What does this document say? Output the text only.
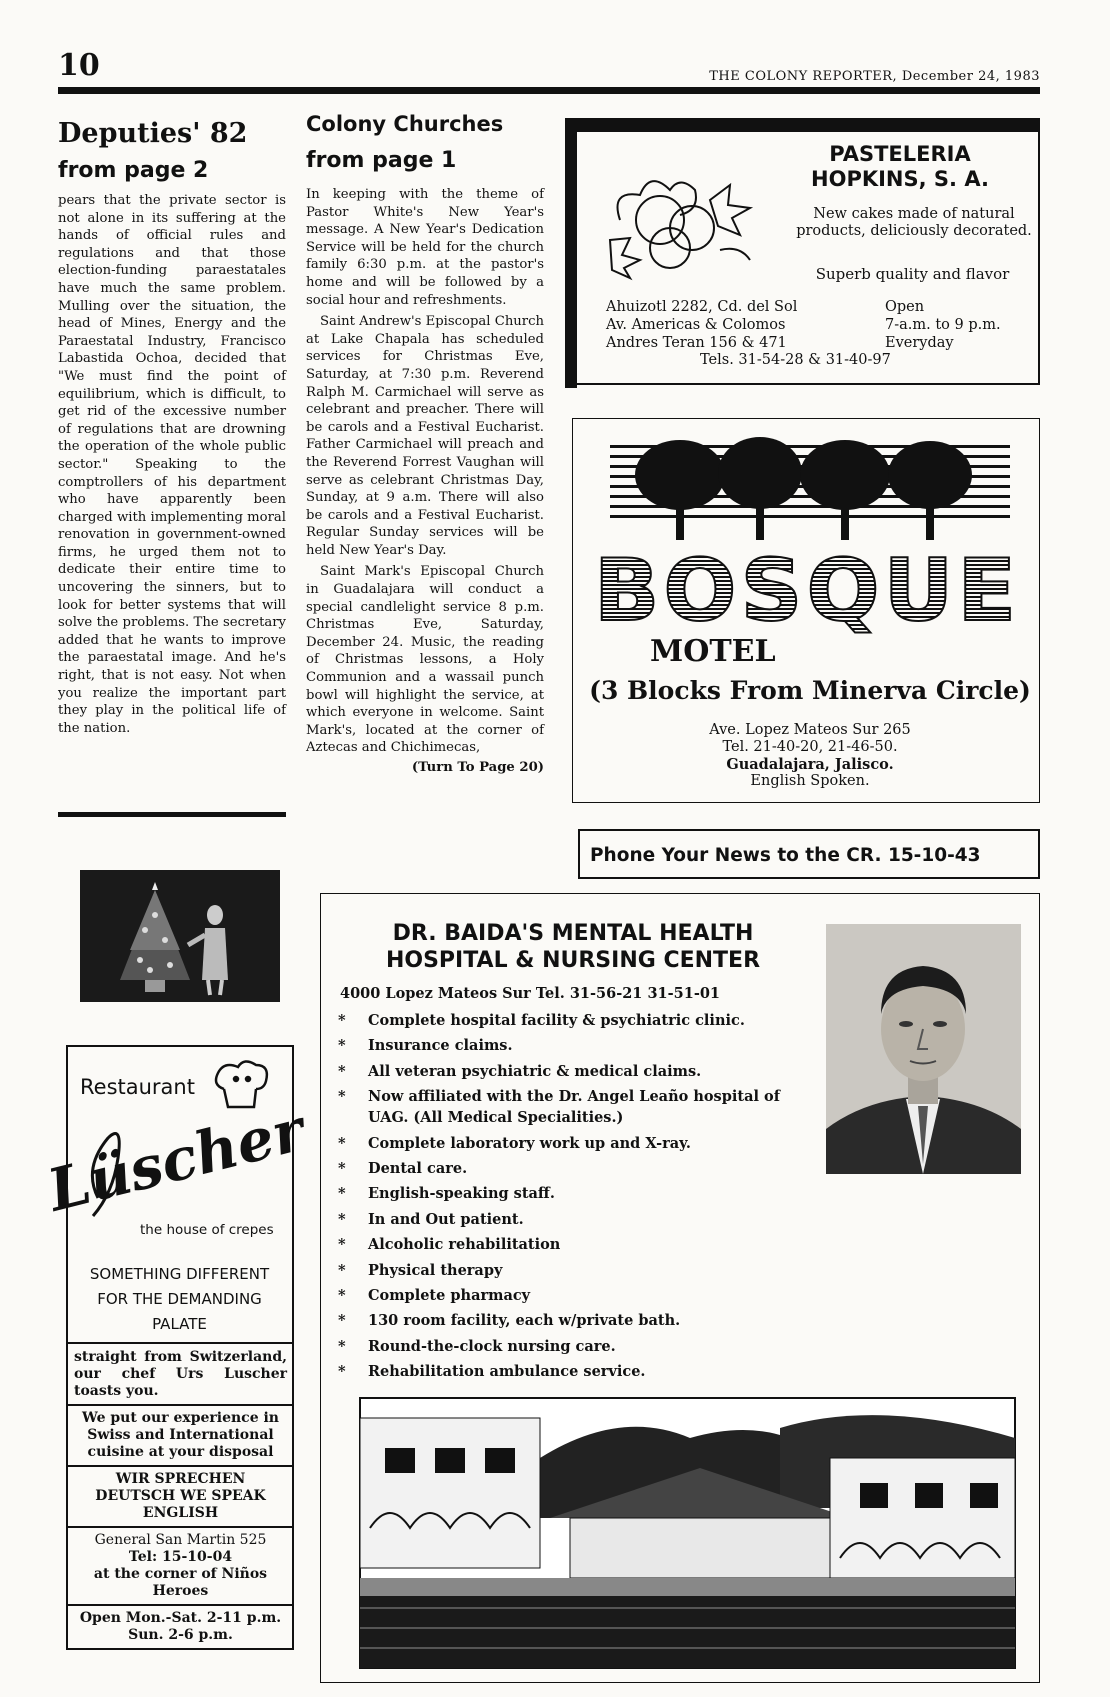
10	THE COLONY REPORTER, December 24, 1983
Deputies' 82
from page 2

pears that the private sector is not alone in its suffering at the hands of official rules and regulations and that those election-funding paraestatales have much the same problem. Mulling over the situation, the head of Mines, Energy and the Paraestatal Industry, Francisco Labastida Ochoa, decided that "We must find the point of equilibrium, which is difficult, to get rid of the excessive number of regulations that are drowning the operation of the whole public sector." Speaking to the comptrollers of his department who have apparently been charged with implementing moral renovation in government-owned firms, he urged them not to dedicate their entire time to uncovering the sinners, but to look for better systems that will solve the problems. The secretary added that he wants to improve the paraestatal image. And he's right, that is not easy. Not when you realize the important part they play in the political life of the nation.

Colony Churches
from page 1

In keeping with the theme of Pastor White's New Year's message. A New Year's Dedication Service will be held for the church family 6:30 p.m. at the pastor's home and will be followed by a social hour and refreshments.

Saint Andrew's Episcopal Church at Lake Chapala has scheduled services for Christmas Eve, Saturday, at 7:30 p.m. Reverend Ralph M. Carmichael will serve as celebrant and preacher. There will be carols and a Festival Eucharist. Father Carmichael will preach and the Reverend Forrest Vaughan will serve as celebrant Christmas Day, Sunday, at 9 a.m. There will also be carols and a Festival Eucharist. Regular Sunday services will be held New Year's Day.

Saint Mark's Episcopal Church in Guadalajara will conduct a special candlelight service 8 p.m. Christmas Eve, Saturday, December 24. Music, the reading of Christmas lessons, a Holy Communion and a wassail punch bowl will highlight the service, at which everyone in welcome. Saint Mark's, located at the corner of Aztecas and Chichimecas,

(Turn To Page 20)
PASTELERIA
HOPKINS, S. A.
New cakes made of natural products, deliciously decorated.
Superb quality and flavor
Ahuizotl 2282, Cd. del Sol
Av. Americas & Colomos
Andres Teran 156 & 471
Open
7-a.m. to 9 p.m.
Everyday
Tels. 31-54-28 & 31-40-97
BOSQUE
MOTEL
(3 Blocks From Minerva Circle)
Ave. Lopez Mateos Sur 265
Tel. 21-40-20, 21-46-50.
Guadalajara, Jalisco.
English Spoken.
Phone Your News to the CR. 15-10-43
DR. BAIDA'S MENTAL HEALTH
HOSPITAL & NURSING CENTER
4000 Lopez Mateos Sur Tel. 31-56-21 31-51-01
* Complete hospital facility & psychiatric clinic.
* Insurance claims.
* All veteran psychiatric & medical claims.
* Now affiliated with the Dr. Angel Leaño hospital of UAG. (All Medical Specialities.)
* Complete laboratory work up and X-ray.
* Dental care.
* English-speaking staff.
* In and Out patient.
* Alcoholic rehabilitation
* Physical therapy
* Complete pharmacy
* 130 room facility, each w/private bath.
* Round-the-clock nursing care.
* Rehabilitation ambulance service.
Restaurant
Lüscher
the house of crepes
SOMETHING DIFFERENT
FOR THE DEMANDING
PALATE
straight from Switzerland, our chef Urs Luscher toasts you.
We put our experience in Swiss and International cuisine at your disposal
WIR SPRECHEN DEUTSCH WE SPEAK ENGLISH
General San Martin 525
Tel: 15-10-04
at the corner of Niños Heroes
Open Mon.-Sat. 2-11 p.m.
Sun. 2-6 p.m.
